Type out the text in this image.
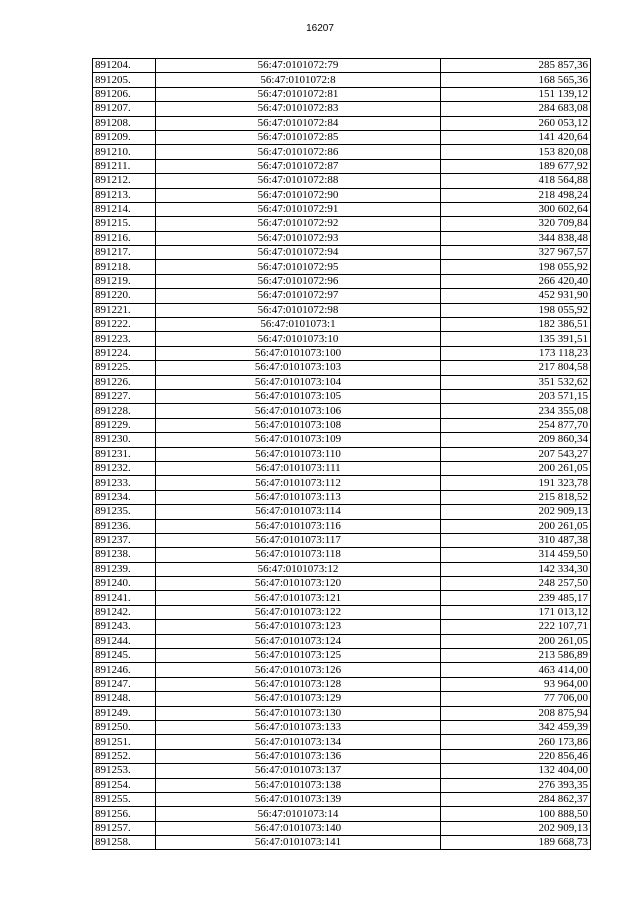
16207
891204.	56:47:0101072:79	285 857,36
891205.	56:47:0101072:8	168 565,36
891206.	56:47:0101072:81	151 139,12
891207.	56:47:0101072:83	284 683,08
891208.	56:47:0101072:84	260 053,12
891209.	56:47:0101072:85	141 420,64
891210.	56:47:0101072:86	153 820,08
891211.	56:47:0101072:87	189 677,92
891212.	56:47:0101072:88	418 564,88
891213.	56:47:0101072:90	218 498,24
891214.	56:47:0101072:91	300 602,64
891215.	56:47:0101072:92	320 709,84
891216.	56:47:0101072:93	344 838,48
891217.	56:47:0101072:94	327 967,57
891218.	56:47:0101072:95	198 055,92
891219.	56:47:0101072:96	266 420,40
891220.	56:47:0101072:97	452 931,90
891221.	56:47:0101072:98	198 055,92
891222.	56:47:0101073:1	182 386,51
891223.	56:47:0101073:10	135 391,51
891224.	56:47:0101073:100	173 118,23
891225.	56:47:0101073:103	217 804,58
891226.	56:47:0101073:104	351 532,62
891227.	56:47:0101073:105	203 571,15
891228.	56:47:0101073:106	234 355,08
891229.	56:47:0101073:108	254 877,70
891230.	56:47:0101073:109	209 860,34
891231.	56:47:0101073:110	207 543,27
891232.	56:47:0101073:111	200 261,05
891233.	56:47:0101073:112	191 323,78
891234.	56:47:0101073:113	215 818,52
891235.	56:47:0101073:114	202 909,13
891236.	56:47:0101073:116	200 261,05
891237.	56:47:0101073:117	310 487,38
891238.	56:47:0101073:118	314 459,50
891239.	56:47:0101073:12	142 334,30
891240.	56:47:0101073:120	248 257,50
891241.	56:47:0101073:121	239 485,17
891242.	56:47:0101073:122	171 013,12
891243.	56:47:0101073:123	222 107,71
891244.	56:47:0101073:124	200 261,05
891245.	56:47:0101073:125	213 586,89
891246.	56:47:0101073:126	463 414,00
891247.	56:47:0101073:128	93 964,00
891248.	56:47:0101073:129	77 706,00
891249.	56:47:0101073:130	208 875,94
891250.	56:47:0101073:133	342 459,39
891251.	56:47:0101073:134	260 173,86
891252.	56:47:0101073:136	220 856,46
891253.	56:47:0101073:137	132 404,00
891254.	56:47:0101073:138	276 393,35
891255.	56:47:0101073:139	284 862,37
891256.	56:47:0101073:14	100 888,50
891257.	56:47:0101073:140	202 909,13
891258.	56:47:0101073:141	189 668,73
